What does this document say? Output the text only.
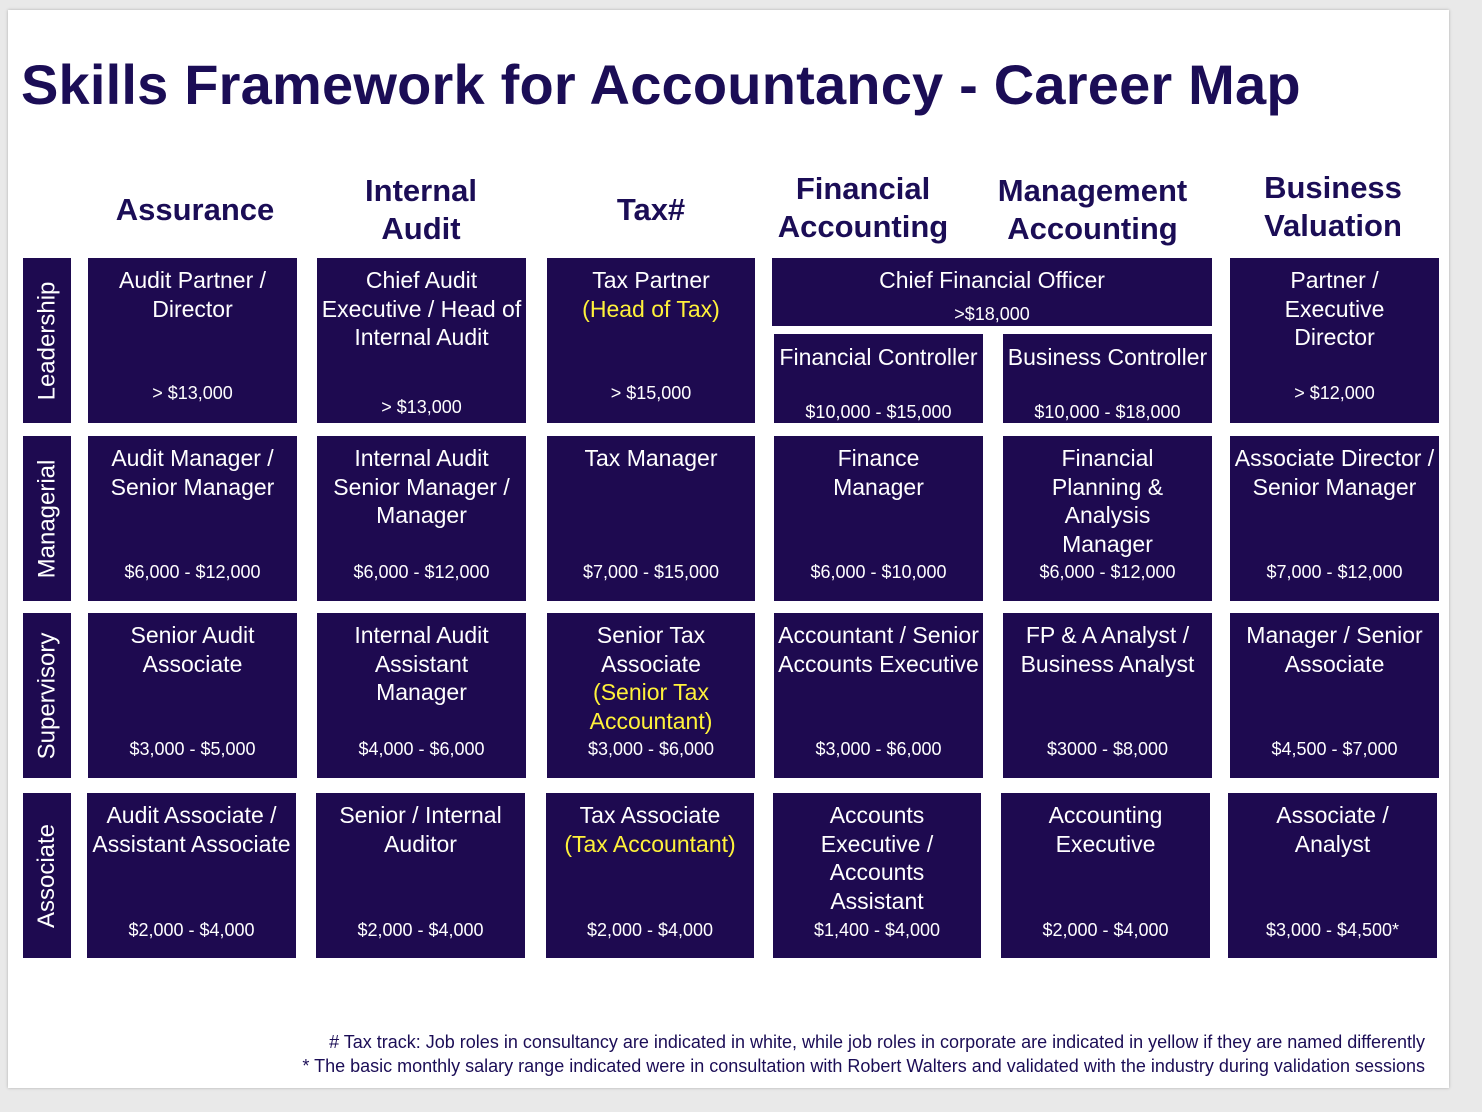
Skills Framework for Accountancy - Career Map
Assurance
Internal
Audit
Tax#
Financial
Accounting
Management
Accounting
Business
Valuation
Leadership
Managerial
Supervisory
Associate
Audit Partner / Director
> $13,000
Chief Audit Executive / Head of Internal Audit
> $13,000
Tax Partner
(Head of Tax)
> $15,000
Chief Financial Officer
>$18,000
Financial Controller
$10,000 - $15,000
Business Controller
$10,000 - $18,000
Partner / Executive Director
> $12,000
Audit Manager / Senior Manager
$6,000 - $12,000
Internal Audit Senior Manager / Manager
$6,000 - $12,000
Tax Manager
$7,000 - $15,000
Finance Manager
$6,000 - $10,000
Financial Planning & Analysis Manager
$6,000 - $12,000
Associate Director / Senior Manager
$7,000 - $12,000
Senior Audit Associate
$3,000 - $5,000
Internal Audit Assistant Manager
$4,000 - $6,000
Senior Tax Associate
(Senior Tax Accountant)
$3,000 - $6,000
Accountant / Senior Accounts Executive
$3,000 - $6,000
FP & A Analyst / Business Analyst
$3000 - $8,000
Manager / Senior Associate
$4,500 - $7,000
Audit Associate / Assistant Associate
$2,000 - $4,000
Senior / Internal Auditor
$2,000 - $4,000
Tax Associate
(Tax Accountant)
$2,000 - $4,000
Accounts Executive / Accounts Assistant
$1,400 - $4,000
Accounting Executive
$2,000 - $4,000
Associate / Analyst
$3,000 - $4,500*
# Tax track: Job roles in consultancy are indicated in white, while job roles in corporate are indicated in yellow if they are named differently
* The basic monthly salary range indicated were in consultation with Robert Walters and validated with the industry during validation sessions
